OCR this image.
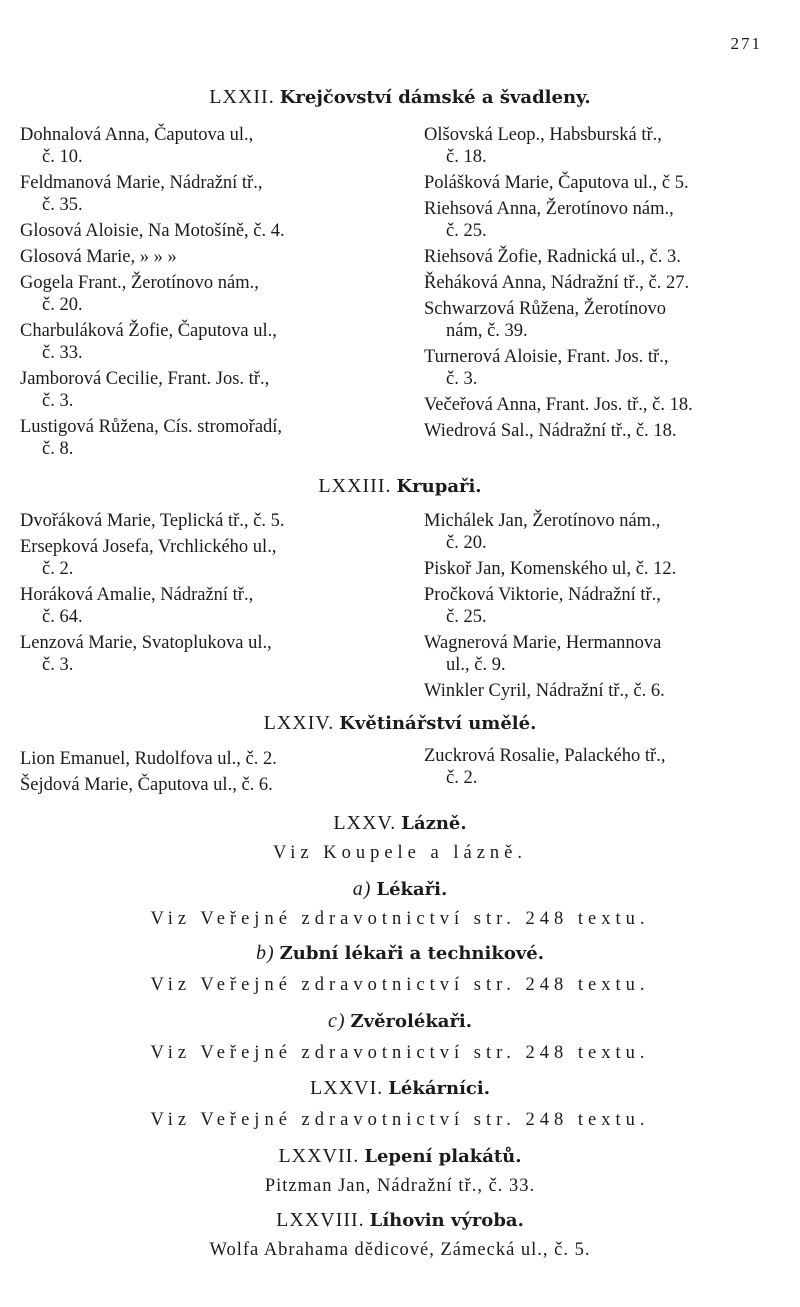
271
LXXII. Krejčovství dámské a švadleny.
Dohnalová Anna, Čaputova ul.,
č. 10.
Feldmanová Marie, Nádražní tř.,
č. 35.
Glosová Aloisie, Na Motošíně, č. 4.
Glosová Marie, » » »
Gogela Frant., Žerotínovo nám.,
č. 20.
Charbuláková Žofie, Čaputova ul.,
č. 33.
Jamborová Cecilie, Frant. Jos. tř.,
č. 3.
Lustigová Růžena, Cís. stromořadí,
č. 8.
Olšovská Leop., Habsburská tř.,
č. 18.
Polášková Marie, Čaputova ul., č 5.
Riehsová Anna, Žerotínovo nám.,
č. 25.
Riehsová Žofie, Radnická ul., č. 3.
Řeháková Anna, Nádražní tř., č. 27.
Schwarzová Růžena, Žerotínovo
nám, č. 39.
Turnerová Aloisie, Frant. Jos. tř.,
č. 3.
Večeřová Anna, Frant. Jos. tř., č. 18.
Wiedrová Sal., Nádražní tř., č. 18.
LXXIII. Krupaři.
Dvořáková Marie, Teplická tř., č. 5.
Ersepková Josefa, Vrchlického ul.,
č. 2.
Horáková Amalie, Nádražní tř.,
č. 64.
Lenzová Marie, Svatoplukova ul.,
č. 3.
Michálek Jan, Žerotínovo nám.,
č. 20.
Piskoř Jan, Komenského ul, č. 12.
Pročková Viktorie, Nádražní tř.,
č. 25.
Wagnerová Marie, Hermannova
ul., č. 9.
Winkler Cyril, Nádražní tř., č. 6.
LXXIV. Květinářství umělé.
Lion Emanuel, Rudolfova ul., č. 2.
Šejdová Marie, Čaputova ul., č. 6.
Zuckrová Rosalie, Palackého tř.,
č. 2.
LXXV. Lázně.
Viz Koupele a lázně.
a) Lékaři.
Viz Veřejné zdravotnictví str. 248 textu.
b) Zubní lékaři a technikové.
Viz Veřejné zdravotnictví str. 248 textu.
c) Zvěrolékaři.
Viz Veřejné zdravotnictví str. 248 textu.
LXXVI. Lékárníci.
Viz Veřejné zdravotnictví str. 248 textu.
LXXVII. Lepení plakátů.
Pitzman Jan, Nádražní tř., č. 33.
LXXVIII. Líhovin výroba.
Wolfa Abrahama dědicové, Zámecká ul., č. 5.
